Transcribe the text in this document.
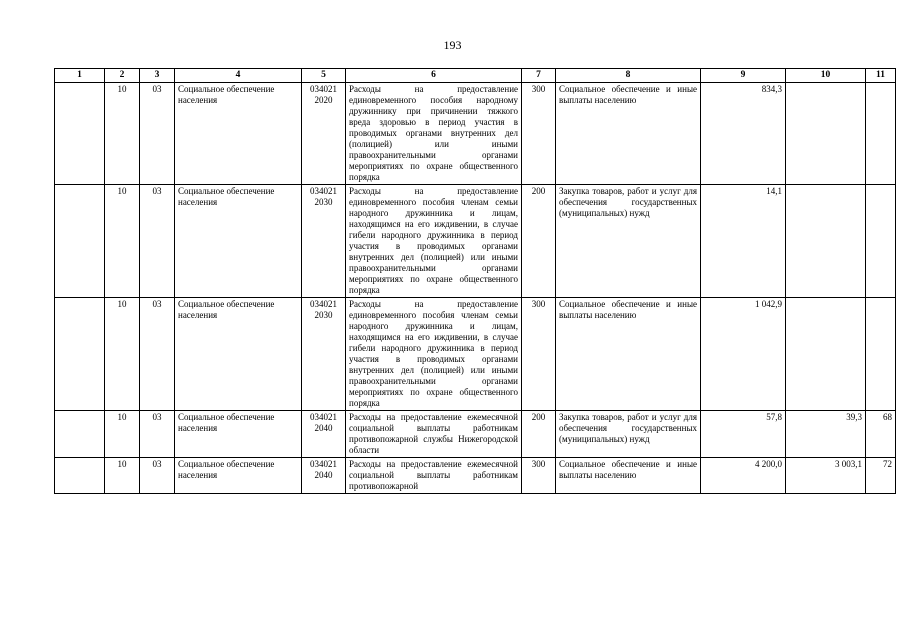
193
1	2	3	4	5	6	7	8	9	10	11
	10	03	Социальное обеспечение населения	034021 2020	Расходы на предоставление единовременного пособия народному дружиннику при причинении тяжкого вреда здоровью в период участия в проводимых органами внутренних дел (полицией) или иными правоохранительными органами мероприятиях по охране общественного порядка	300	Социальное обеспечение и иные выплаты населению	834,3		
	10	03	Социальное обеспечение населения	034021 2030	Расходы на предоставление единовременного пособия членам семьи народного дружинника и лицам, находящимся на его иждивении, в случае гибели народного дружинника в период участия в проводимых органами внутренних дел (полицией) или иными правоохранительными органами мероприятиях по охране общественного порядка	200	Закупка товаров, работ и услуг для обеспечения государственных (муниципальных) нужд	14,1		
	10	03	Социальное обеспечение населения	034021 2030	Расходы на предоставление единовременного пособия членам семьи народного дружинника и лицам, находящимся на его иждивении, в случае гибели народного дружинника в период участия в проводимых органами внутренних дел (полицией) или иными правоохранительными органами мероприятиях по охране общественного порядка	300	Социальное обеспечение и иные выплаты населению	1 042,9		
	10	03	Социальное обеспечение населения	034021 2040	Расходы на предоставление ежемесячной социальной выплаты работникам противопожарной службы Нижегородской области	200	Закупка товаров, работ и услуг для обеспечения государственных (муниципальных) нужд	57,8	39,3	68
	10	03	Социальное обеспечение населения	034021 2040	Расходы на предоставление ежемесячной социальной выплаты работникам противопожарной	300	Социальное обеспечение и иные выплаты населению	4 200,0	3 003,1	72
